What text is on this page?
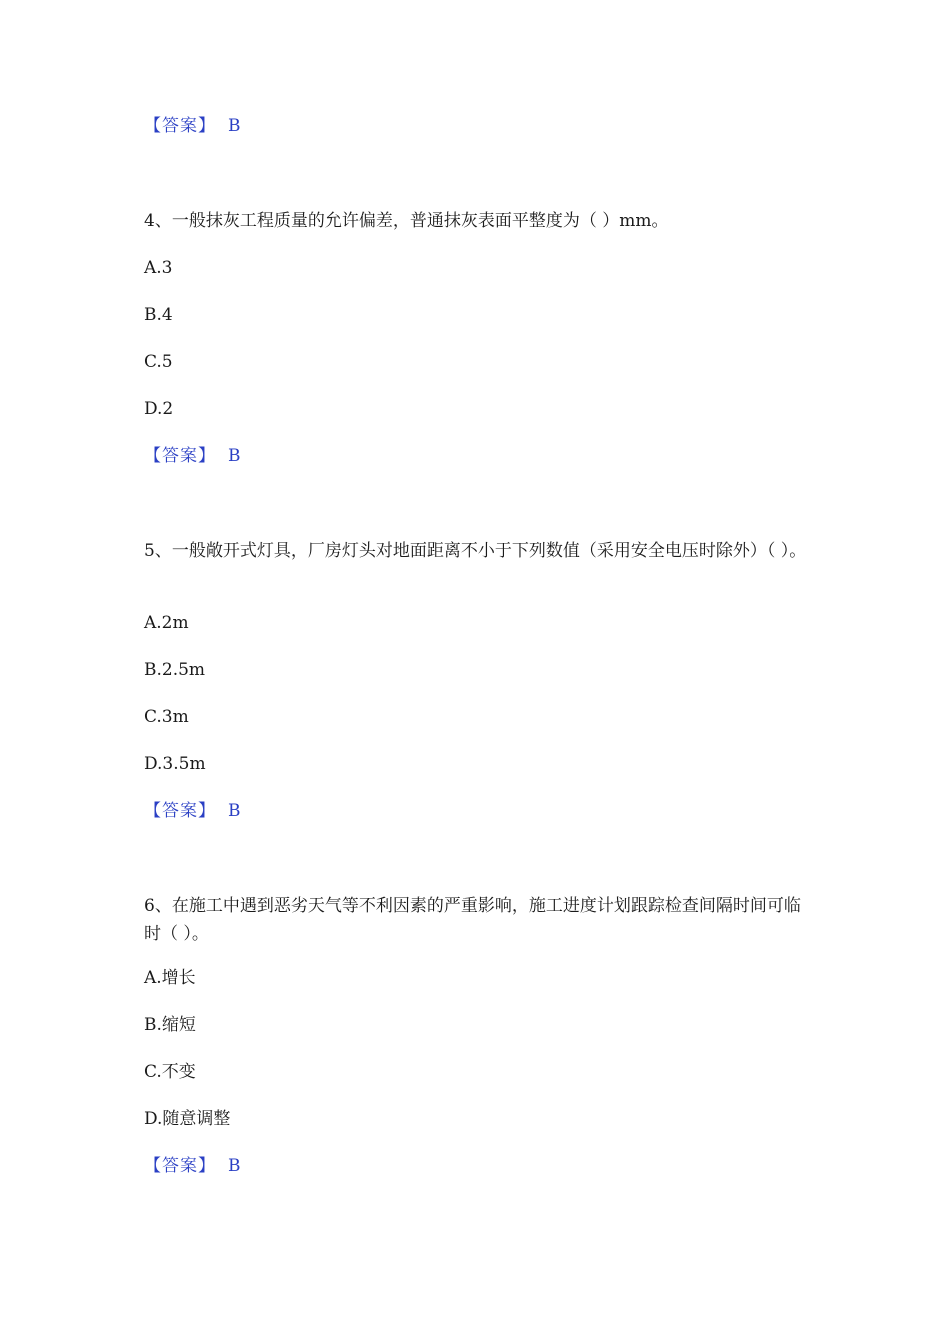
【答案】 B
4、一般抹灰工程质量的允许偏差，普通抹灰表面平整度为（ ）mm。
A.3
B.4
C.5
D.2
【答案】 B
5、一般敞开式灯具，厂房灯头对地面距离不小于下列数值（采用安全电压时除外）（ ）。
A.2m
B.2.5m
C.3m
D.3.5m
【答案】 B
6、在施工中遇到恶劣天气等不利因素的严重影响，施工进度计划跟踪检查间隔时间可临时（ ）。
A.增长
B.缩短
C.不变
D.随意调整
【答案】 B
